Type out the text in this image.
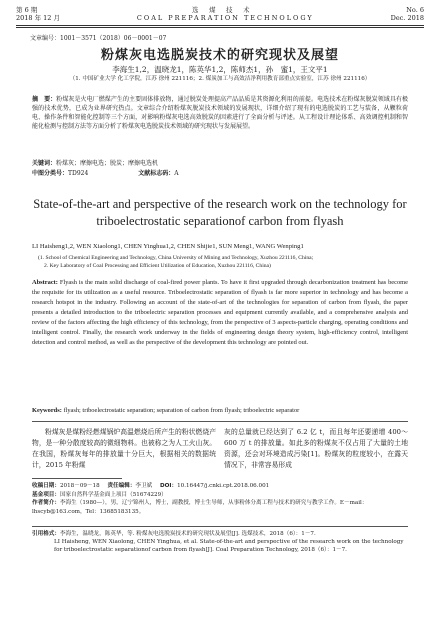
第 6 期	选　煤　技　术	No. 6
2018 年 12 月	COAL PREPARATION TECHNOLOGY	Dec. 2018
文章编号：1001－3571（2018）06－0001－07
粉煤灰电选脱炭技术的研究现状及展望
李海生1,2，温晓龙1，陈英华1,2，陈师杰1，孙　蜜1，王文平1
（1. 中国矿业大学 化工学院，江苏 徐州 221116；2. 煤炭加工与高效洁净利用教育部重点实验室，江苏 徐州 221116）
摘　要：粉煤灰是火电厂燃煤产生的主要固体排放物，通过脱炭处理提高产品品质是其资源化利用的前提。电选技术在粉煤灰脱炭领域具有极强的技术优势，已成为业界研究热点。文章综合介绍粉煤灰脱炭技术领域的发展现状，详细介绍了现有的电选脱炭的工艺与装备，从颗粒荷电、操作条件和智能化控制等三个方面，对影响粉煤灰电选高效脱炭的因素进行了全面分析与评述。从工程设计理论体系、高效调控机制和智能化检测与控制方法等方面分析了粉煤灰电选脱炭技术领域的研究现状与发展展望。
关键词：粉煤灰；摩擦电选；脱炭；摩擦电选机
中图分类号：TD924	文献标志码：A
State-of-the-art and perspective of the research work on the technology for triboelectrostatic separationof carbon from flyash
LI Haisheng1,2, WEN Xiaolong1, CHEN Yinghua1,2, CHEN Shijie1, SUN Meng1, WANG Wenping1
(1. School of Chemical Engineering and Technology, China University of Mining and Technology, Xuzhou 221116, China;
2. Key Laboratory of Coal Processing and Efficient Utilization of Education, Xuzhou 221116, China)
Abstract: Flyash is the main solid discharge of coal-fired power plants. To have it first upgraded through decarbonization treatment has become the requisite for its utilization as a useful resource. Triboelectrostatic separation of flyash is far more superior in technology and has become a research hotspot in the industry. Following an account of the state-of-art of the technologies for separation of carbon from flyash, the paper presents a detailed introduction to the triboelectric separation processes and equipment currently available, and a comprehensive analysis and review of the factors affecting the high efficiency of this technology, from the perspective of 3 aspects-particle charging, operating conditions and intelligent control. Finally, the research work underway in the fields of engineering design theory system, high-efficiency control, intelligent detection and control method, as well as the perspective of the development this technology are pointed out.
Keywords: flyash; triboelectrostatic separation; separation of carbon from flyash; triboelectric separator
粉煤灰是煤粉经燃煤锅炉高温燃烧后所产生的粉状燃烧产物，是一种分散度较高的微细物料。也被称之为人工火山灰。在我国，粉煤灰每年的排放量十分巨大，根据相关的数据统计，2015 年粉煤
灰的总量就已经达到了 6.2 亿 t，而且每年还要递增 400～600 万 t 的排放量。如此多的粉煤灰不仅占用了大量的土地资源，还会对环境造成污染[1]。粉煤灰的粒度较小，在露天情况下，非常容易形成
收稿日期：2018－09－18 责任编辑：李卫斌 DOI：10.16447/j.cnki.cpt.2018.06.001
基金项目：国家自然科学基金面上项目（51674229）
作者简介：李海生（1980—），男，辽宁锦州人，博士，副教授，博士生导师，从事粉体分离工程与技术的研究与教学工作。E－mail：lhscyb@163.com，Tel：13685183135。
引用格式：李海生，温晓龙，陈英华，等. 粉煤灰电选脱炭技术的研究现状及展望[J]. 选煤技术，2018（6）：1－7.
LI Haisheng, WEN Xiaolong, CHEN Yinghua, et al. State-of-the-art and perspective of the research work on the technology for triboelectrostatic separationof carbon from flyash[J]. Coal Preparation Technology, 2018（6）：1－7.
